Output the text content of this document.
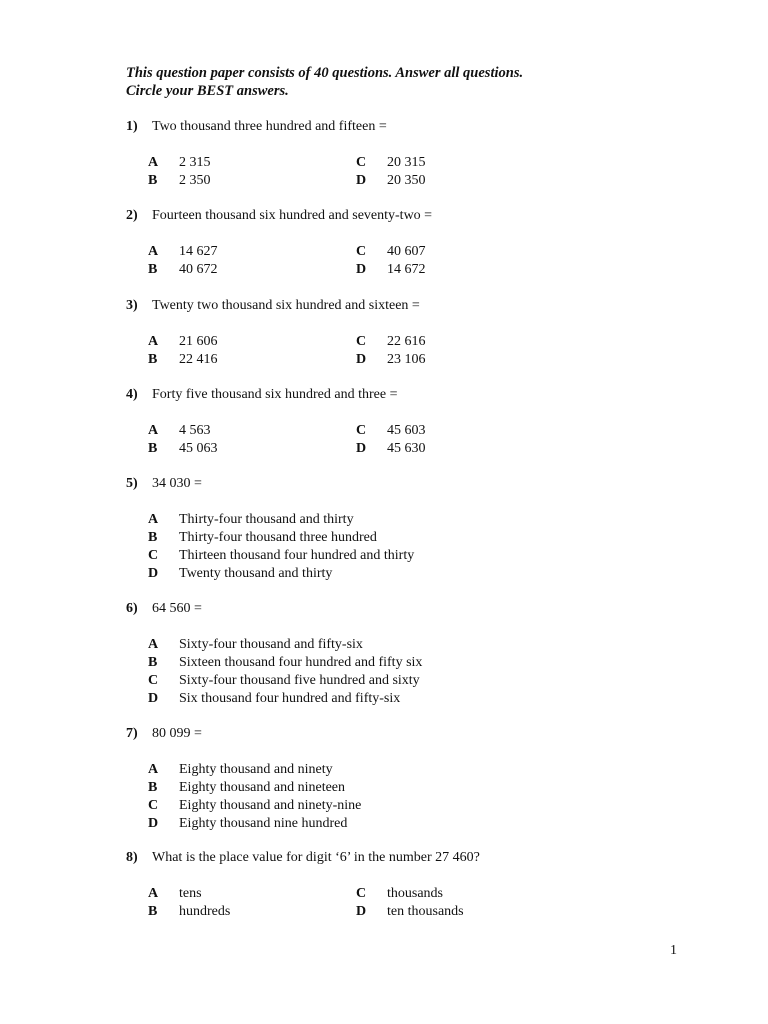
This question paper consists of 40 questions. Answer all questions.
Circle your BEST answers.
1) Two thousand three hundred and fifteen =
A 2 315	C 20 315
B 2 350	D 20 350
2) Fourteen thousand six hundred and seventy-two =
A 14 627	C 40 607
B 40 672	D 14 672
3) Twenty two thousand six hundred and sixteen =
A 21 606	C 22 616
B 22 416	D 23 106
4) Forty five thousand six hundred and three =
A 4 563	C 45 603
B 45 063	D 45 630
5) 34 030 =
A Thirty-four thousand and thirty
B Thirty-four thousand three hundred
C Thirteen thousand four hundred and thirty
D Twenty thousand and thirty
6) 64 560 =
A Sixty-four thousand and fifty-six
B Sixteen thousand four hundred and fifty six
C Sixty-four thousand five hundred and sixty
D Six thousand four hundred and fifty-six
7) 80 099 =
A Eighty thousand and ninety
B Eighty thousand and nineteen
C Eighty thousand and ninety-nine
D Eighty thousand nine hundred
8) What is the place value for digit ‘6’ in the number 27 460?
A tens	C thousands
B hundreds	D ten thousands
1
